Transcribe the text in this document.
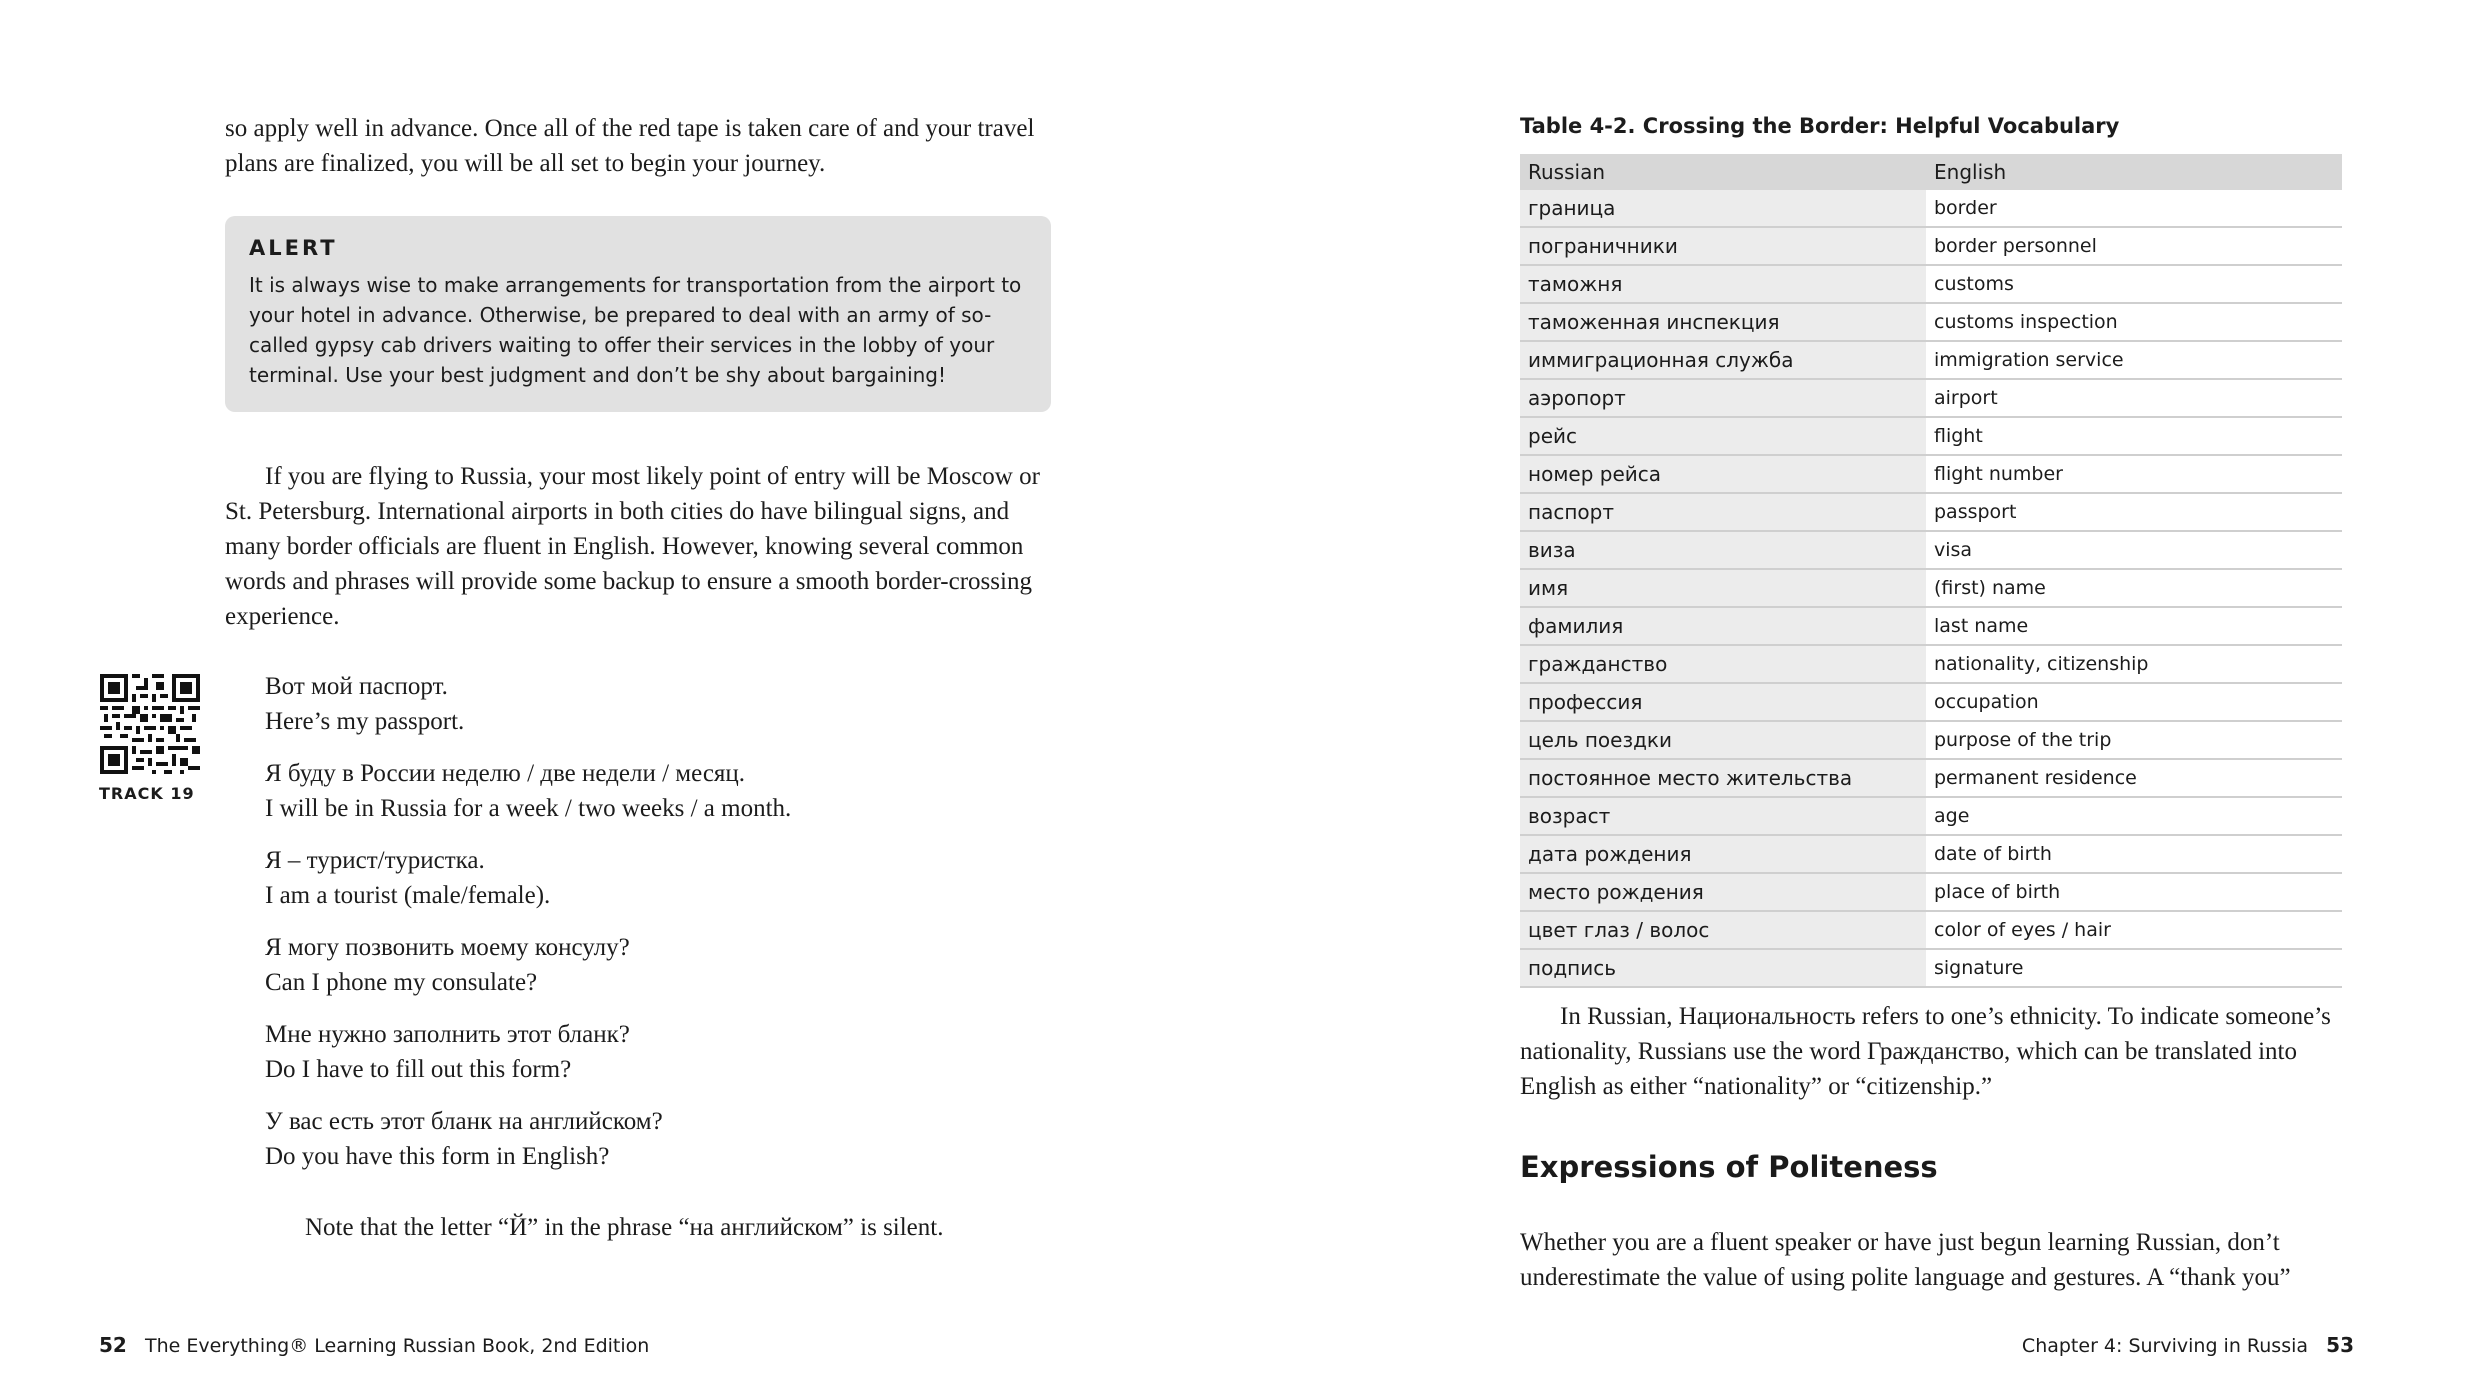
so apply well in advance. Once all of the red tape is taken care of and your travel plans are finalized, you will be all set to begin your journey.

ALERT

It is always wise to make arrangements for transportation from the airport to your hotel in advance. Otherwise, be prepared to deal with an army of so-called gypsy cab drivers waiting to offer their services in the lobby of your terminal. Use your best judgment and don’t be shy about bargaining!

If you are flying to Russia, your most likely point of entry will be Moscow or St. Petersburg. International airports in both cities do have bilingual signs, and many border officials are fluent in English. However, knowing several common words and phrases will provide some backup to ensure a smooth border-crossing experience.

TRACK 19
Вот мой паспорт.
Here’s my passport.
Я буду в России неделю / две недели / месяц.
I will be in Russia for a week / two weeks / a month.
Я – турист/туристка.
I am a tourist (male/female).
Я могу позвонить моему консулу?
Can I phone my consulate?
Мне нужно заполнить этот бланк?
Do I have to fill out this form?
У вас есть этот бланк на английском?
Do you have this form in English?

Note that the letter “Й” in the phrase “на английском” is silent.

52 The Everything® Learning Russian Book, 2nd Edition
Table 4-2. Crossing the Border: Helpful Vocabulary
Russian	English
граница	border
пограничники	border personnel
таможня	customs
таможенная инспекция	customs inspection
иммиграционная служба	immigration service
аэропорт	airport
рейс	flight
номер рейса	flight number
паспорт	passport
виза	visa
имя	(first) name
фамилия	last name
гражданство	nationality, citizenship
профессия	occupation
цель поездки	purpose of the trip
постоянное место жительства	permanent residence
возраст	age
дата рождения	date of birth
место рождения	place of birth
цвет глаз / волос	color of eyes / hair
подпись	signature

In Russian, Национальность refers to one’s ethnicity. To indicate someone’s nationality, Russians use the word Гражданство, which can be translated into English as either “nationality” or “citizenship.”

Expressions of Politeness

Whether you are a fluent speaker or have just begun learning Russian, don’t underestimate the value of using polite language and gestures. A “thank you”

Chapter 4: Surviving in Russia 53
